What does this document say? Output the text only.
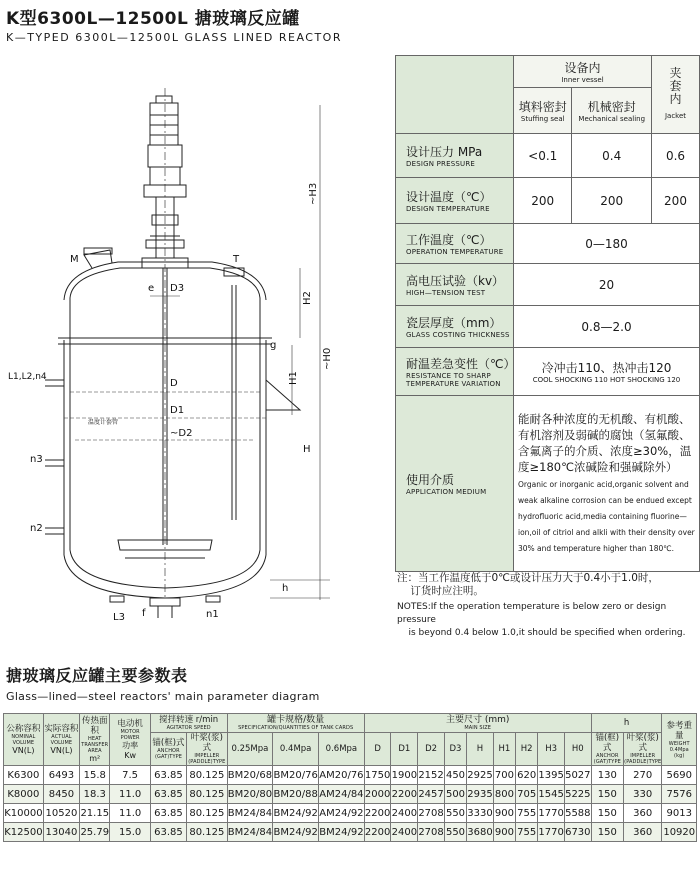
K型6300L—12500L 搪玻璃反应罐
K—TYPED 6300L—12500L GLASS LINED REACTOR
M	T
e D3
g
L1,L2,n4
D
D1
~D2
温度计套管
n3
n2
f
L3	n1
h
H
~H0
H1
H2
~H3

	设备内
Inner vessel		夹套内
Jacket

	填料密封
Stuffing seal	机械密封
Mechanical sealing	

设计压力 MPa
DESIGN PRESSURE	<0.1	0.4	0.6

设计温度（℃）
DESIGN TEMPERATURE	200	200	200

工作温度（℃）
OPERATION TEMPERATURE	0—180		

高电压试验（kv）
HIGH—TENSION TEST	20		

瓷层厚度（mm）
GLASS COSTING THICKNESS	0.8—2.0		

耐温差急变性（℃）
RESISTANCE TO SHARP
TEMPERATURE VARIATION	冷冲击110、热冲击120
COOL SHOCKING 110 HOT SHOCKING 120		

使用介质
APPLICATION MEDIUM	能耐各种浓度的无机酸、有机酸、有机溶剂及弱碱的腐蚀（氢氟酸、含氟离子的介质、浓度≥30%，温度≥180℃浓碱险和强碱除外）
Organic or inorganic acid,organic solvent and weak alkaline corrosion can be endued except hydrofluoric acid,media containing fluorine—ion,oil of citriol and alkli with their density over 30% and temperature higher than 180℃.		
注：当工作温度低于0℃或设计压力大于0.4小于1.0时，
订货时应注明。
NOTES:If the operation temperature is below zero or design pressure
is beyond 0.4 below 1.0,it should be specified when ordering.
搪玻璃反应罐主要参数表
Glass—lined—steel reactors' main parameter diagram
公称容积
NOMINAL VOLUME
VN(L)	实际容积
ACTUAL VOLUME
VN(L)	传热面积
HEAT TRANSFER AREA
m²	电动机
MOTOR POWER
功率
Kw	搅拌转速 r/min
AGITATOR SPEED		罐卡规格/数量
SPECIFICATION/QUANTITIES OF TANK CARDS			主要尺寸 (mm)
MAIN SIZE									h		参考重量
WEIGHT
0.4Mpa
(kg)

				锚(框)式
ANCHOR (GAT)TYPE	叶桨(浆)式
IMPELLER (PADDLE)TYPE	0.25Mpa	0.4Mpa	0.6Mpa	D	D1	D2	D3	H	H1	H2	H3	H0	锚(框)式
ANCHOR (GAT)TYPE	叶桨(浆)式
IMPELLER (PADDLE)TYPE	

K6300	6493	15.8	7.5	63.85	80.125	BM20/68	BM20/76	AM20/76	1750	1900	2152	450	2925	700	620	1395	5027	130	270	5690
K8000	8450	18.3	11.0	63.85	80.125	BM20/80	BM20/88	AM24/84	2000	2200	2457	500	2935	800	705	1545	5225	150	330	7576
K10000	10520	21.15	11.0	63.85	80.125	BM24/84	BM24/92	AM24/92	2200	2400	2708	550	3330	900	755	1770	5588	150	360	9013
K12500	13040	25.79	15.0	63.85	80.125	BM24/84	BM24/92	BM24/92	2200	2400	2708	550	3680	900	755	1770	6730	150	360	10920
